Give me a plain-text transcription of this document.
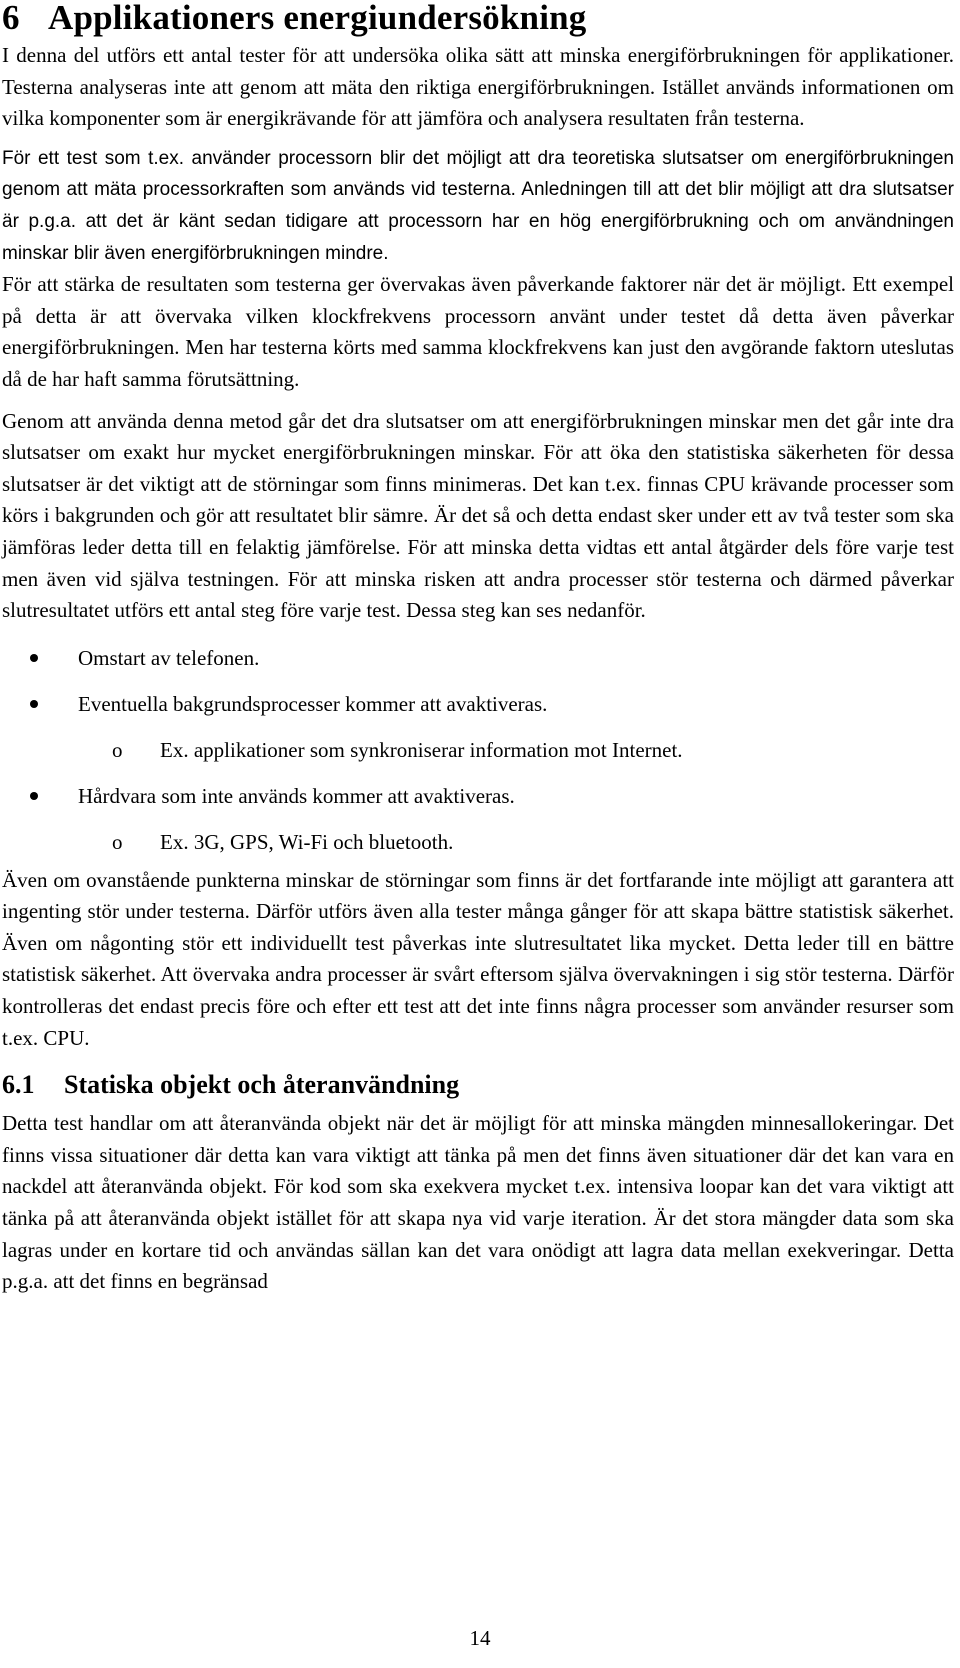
6 Applikationers energiundersökning

I denna del utförs ett antal tester för att undersöka olika sätt att minska energiförbrukningen för applikationer. Testerna analyseras inte att genom att mäta den riktiga energiförbrukningen. Istället används informationen om vilka komponenter som är energikrävande för att jämföra och analysera resultaten från testerna.

För ett test som t.ex. använder processorn blir det möjligt att dra teoretiska slutsatser om energiförbrukningen genom att mäta processorkraften som används vid testerna. Anledningen till att det blir möjligt att dra slutsatser är p.g.a. att det är känt sedan tidigare att processorn har en hög energiförbrukning och om användningen minskar blir även energiförbrukningen mindre.

För att stärka de resultaten som testerna ger övervakas även påverkande faktorer när det är möjligt. Ett exempel på detta är att övervaka vilken klockfrekvens processorn använt under testet då detta även påverkar energiförbrukningen. Men har testerna körts med samma klockfrekvens kan just den avgörande faktorn uteslutas då de har haft samma förutsättning.

Genom att använda denna metod går det dra slutsatser om att energiförbrukningen minskar men det går inte dra slutsatser om exakt hur mycket energiförbrukningen minskar. För att öka den statistiska säkerheten för dessa slutsatser är det viktigt att de störningar som finns minimeras. Det kan t.ex. finnas CPU krävande processer som körs i bakgrunden och gör att resultatet blir sämre. Är det så och detta endast sker under ett av två tester som ska jämföras leder detta till en felaktig jämförelse. För att minska detta vidtas ett antal åtgärder dels före varje test men även vid själva testningen. För att minska risken att andra processer stör testerna och därmed påverkar slutresultatet utförs ett antal steg före varje test. Dessa steg kan ses nedanför.

Omstart av telefonen.
Eventuella bakgrundsprocesser kommer att avaktiveras.
o Ex. applikationer som synkroniserar information mot Internet.
Hårdvara som inte används kommer att avaktiveras.
o Ex. 3G, GPS, Wi-Fi och bluetooth.

Även om ovanstående punkterna minskar de störningar som finns är det fortfarande inte möjligt att garantera att ingenting stör under testerna. Därför utförs även alla tester många gånger för att skapa bättre statistisk säkerhet. Även om någonting stör ett individuellt test påverkas inte slutresultatet lika mycket. Detta leder till en bättre statistisk säkerhet. Att övervaka andra processer är svårt eftersom själva övervakningen i sig stör testerna. Därför kontrolleras det endast precis före och efter ett test att det inte finns några processer som använder resurser som t.ex. CPU.

6.1 Statiska objekt och återanvändning

Detta test handlar om att återanvända objekt när det är möjligt för att minska mängden minnesallokeringar. Det finns vissa situationer där detta kan vara viktigt att tänka på men det finns även situationer där det kan vara en nackdel att återanvända objekt. För kod som ska exekvera mycket t.ex. intensiva loopar kan det vara viktigt att tänka på att återanvända objekt istället för att skapa nya vid varje iteration. Är det stora mängder data som ska lagras under en kortare tid och användas sällan kan det vara onödigt att lagra data mellan exekveringar. Detta p.g.a. att det finns en begränsad

14
